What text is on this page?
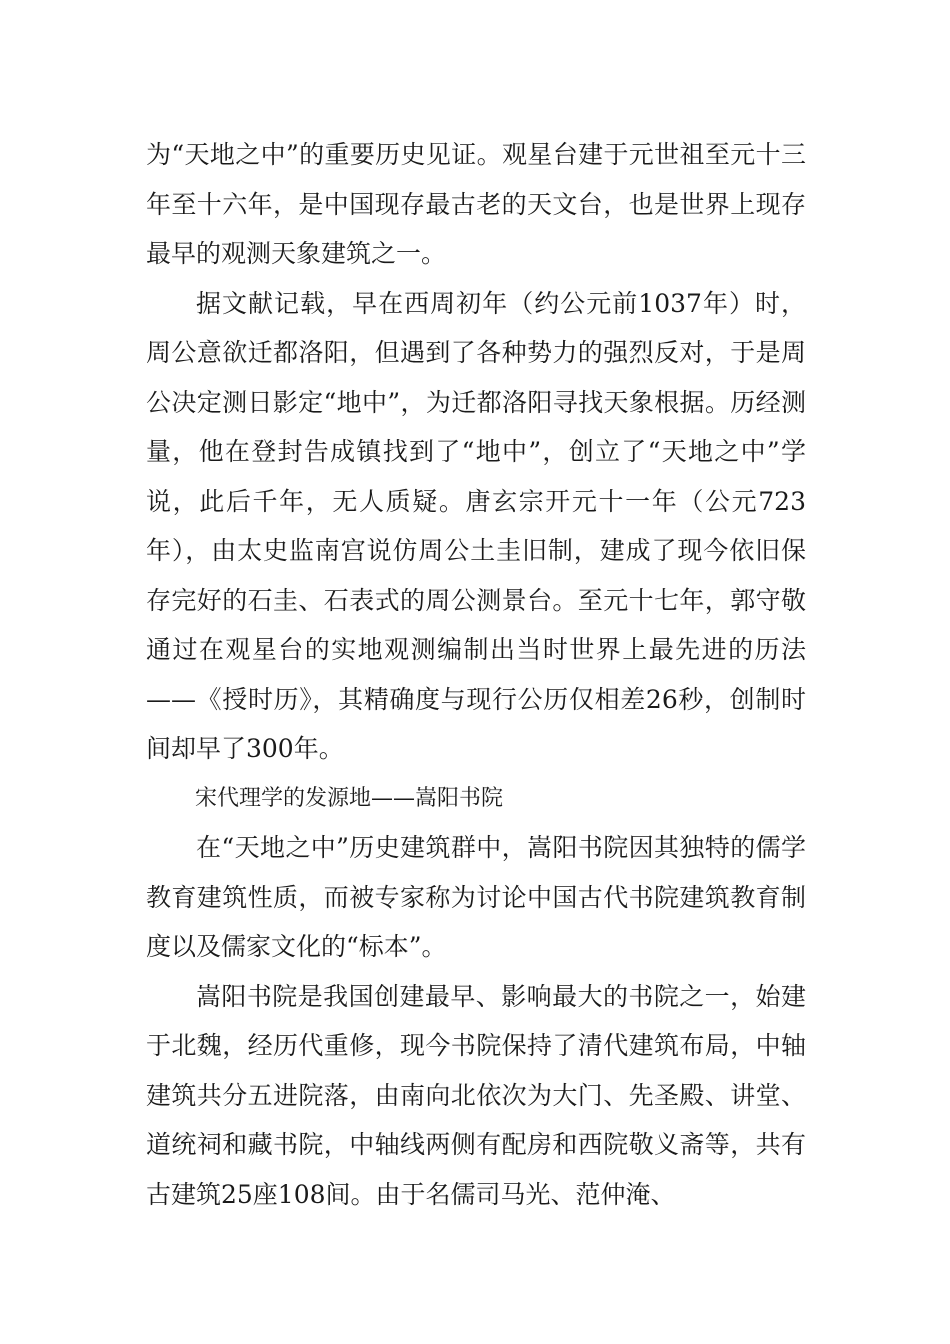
为“天地之中”的重要历史见证。观星台建于元世祖至元十三年至十六年，是中国现存最古老的天文台，也是世界上现存最早的观测天象建筑之一。

据文献记载，早在西周初年（约公元前1037年）时，周公意欲迁都洛阳，但遇到了各种势力的强烈反对，于是周公决定测日影定“地中”，为迁都洛阳寻找天象根据。历经测量，他在登封告成镇找到了“地中”，创立了“天地之中”学说，此后千年，无人质疑。唐玄宗开元十一年（公元723年），由太史监南宫说仿周公土圭旧制，建成了现今依旧保存完好的石圭、石表式的周公测景台。至元十七年，郭守敬通过在观星台的实地观测编制出当时世界上最先进的历法——《授时历》，其精确度与现行公历仅相差26秒，创制时间却早了300年。

宋代理学的发源地——嵩阳书院

在“天地之中”历史建筑群中，嵩阳书院因其独特的儒学教育建筑性质，而被专家称为讨论中国古代书院建筑教育制度以及儒家文化的“标本”。

嵩阳书院是我国创建最早、影响最大的书院之一，始建于北魏，经历代重修，现今书院保持了清代建筑布局，中轴建筑共分五进院落，由南向北依次为大门、先圣殿、讲堂、道统祠和藏书院，中轴线两侧有配房和西院敬义斋等，共有古建筑25座108间。由于名儒司马光、范仲淹、
